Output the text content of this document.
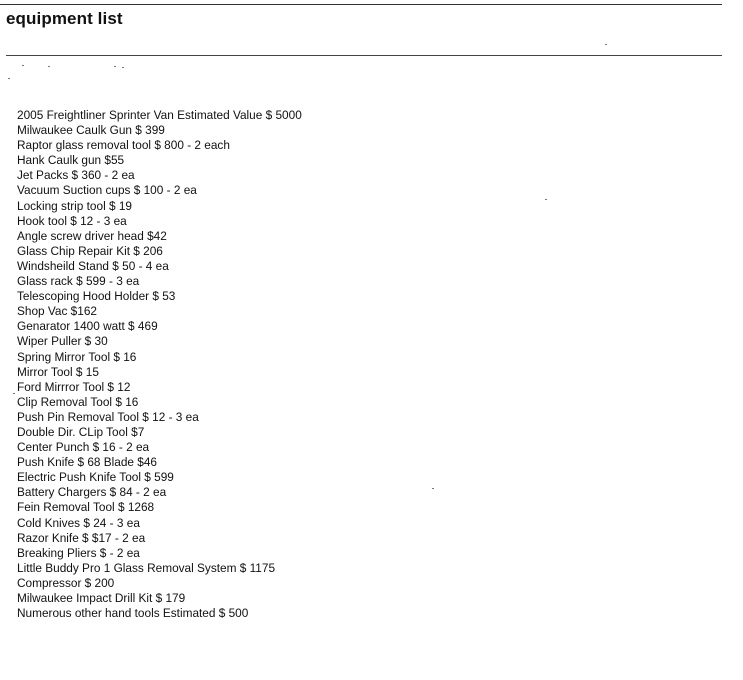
equipment list
2005 Freightliner Sprinter Van Estimated Value $ 5000
Milwaukee Caulk Gun $ 399
Raptor glass removal tool $ 800 - 2 each
Hank Caulk gun $55
Jet Packs $ 360 - 2 ea
Vacuum Suction cups $ 100 - 2 ea
Locking strip tool $ 19
Hook tool $ 12 - 3 ea
Angle screw driver head $42
Glass Chip Repair Kit $ 206
Windsheild Stand $ 50 - 4 ea
Glass rack $ 599 - 3 ea
Telescoping Hood Holder $ 53
Shop Vac $162
Genarator 1400 watt $ 469
Wiper Puller $ 30
Spring Mirror Tool $ 16
Mirror Tool $ 15
Ford Mirrror Tool $ 12
Clip Removal Tool $ 16
Push Pin Removal Tool $ 12 - 3 ea
Double Dir. CLip Tool $7
Center Punch $ 16 - 2 ea
Push Knife $ 68 Blade $46
Electric Push Knife Tool $ 599
Battery Chargers $ 84 - 2 ea
Fein Removal Tool $ 1268
Cold Knives $ 24 - 3 ea
Razor Knife $ $17 - 2 ea
Breaking Pliers $ - 2 ea
Little Buddy Pro 1 Glass Removal System $ 1175
Compressor $ 200
Milwaukee Impact Drill Kit $ 179
Numerous other hand tools Estimated $ 500
